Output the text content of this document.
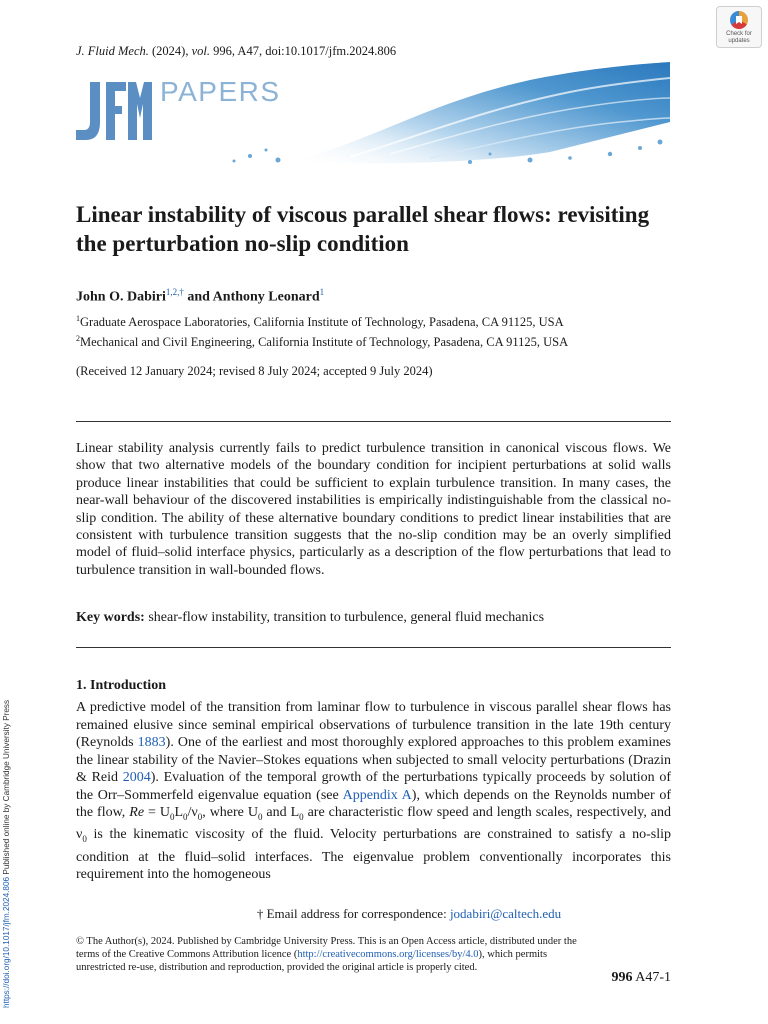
Check for
updates
J. Fluid Mech. (2024), vol. 996, A47, doi:10.1017/jfm.2024.806
PAPERS
Linear instability of viscous parallel shear flows: revisiting the perturbation no-slip condition
John O. Dabiri$^{1,2,\dagger}$ and Anthony Leonard$^1$
$^1$Graduate Aerospace Laboratories, California Institute of Technology, Pasadena, CA 91125, USA
$^2$Mechanical and Civil Engineering, California Institute of Technology, Pasadena, CA 91125, USA
(Received 12 January 2024; revised 8 July 2024; accepted 9 July 2024)

Linear stability analysis currently fails to predict turbulence transition in canonical viscous flows. We show that two alternative models of the boundary condition for incipient perturbations at solid walls produce linear instabilities that could be sufficient to explain turbulence transition. In many cases, the near-wall behaviour of the discovered instabilities is empirically indistinguishable from the classical no-slip condition. The ability of these alternative boundary conditions to predict linear instabilities that are consistent with turbulence transition suggests that the no-slip condition may be an overly simplified model of fluid–solid interface physics, particularly as a description of the flow perturbations that lead to turbulence transition in wall-bounded flows.

Key words: shear-flow instability, transition to turbulence, general fluid mechanics
1. Introduction

A predictive model of the transition from laminar flow to turbulence in viscous parallel shear flows has remained elusive since seminal empirical observations of turbulence transition in the late 19th century (Reynolds 1883). One of the earliest and most thoroughly explored approaches to this problem examines the linear stability of the Navier–Stokes equations when subjected to small velocity perturbations (Drazin & Reid 2004). Evaluation of the temporal growth of the perturbations typically proceeds by solution of the Orr–Sommerfeld eigenvalue equation (see Appendix A), which depends on the Reynolds number of the flow, $Re = U_0L_0/\nu_0$, where $U_0$ and $L_0$ are characteristic flow speed and length scales, respectively, and $\nu_0$ is the kinematic viscosity of the fluid. Velocity perturbations are constrained to satisfy a no-slip condition at the fluid–solid interfaces. The eigenvalue problem conventionally incorporates this requirement into the homogeneous

† Email address for correspondence: jodabiri@caltech.edu

© The Author(s), 2024. Published by Cambridge University Press. This is an Open Access article, distributed under the terms of the Creative Commons Attribution licence (http://creativecommons.org/licenses/by/4.0), which permits unrestricted re-use, distribution and reproduction, provided the original article is properly cited.

996 A47-1
https://doi.org/10.1017/jfm.2024.806 Published online by Cambridge University Press
